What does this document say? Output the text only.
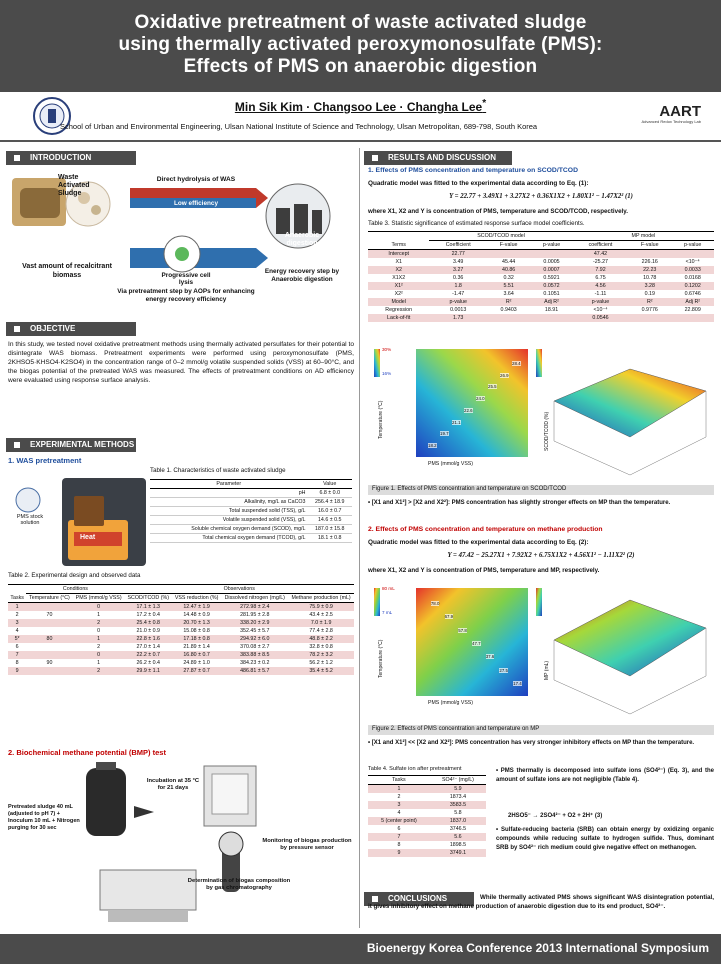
Oxidative pretreatment of waste activated sludge
using thermally activated peroxymonosulfate (PMS):
Effects of PMS on anaerobic digestion
Min Sik Kim · Changsoo Lee · Changha Lee*
School of Urban and Environmental Engineering, Ulsan National Institute of Science and Technology, Ulsan Metropolitan, 689-798, South Korea
AART
Advanced Redox Technology Lab
INTRODUCTION
Waste Activated Sludge
Vast amount of recalcitrant biomass
Direct hydrolysis of WAS
Low efficiency
Progressive cell lysis
Via pretreatment step by AOPs for enhancing energy recovery efficiency
Anaerobic digestion
Energy recovery step by Anaerobic digestion
OBJECTIVE
In this study, we tested novel oxidative pretreatment methods using thermally activated persulfates for their potential to disintegrate WAS biomass. Pretreatment experiments were performed using peroxymonosulfate (PMS, 2KHSO5·KHSO4·K2SO4) in the concentration range of 0–2 mmol/g volatile suspended solids (VSS) at 60–90°C, and the biogas potential of the pretreated WAS was measured. The effects of pretreatment conditions on AD efficiency were evaluated using response surface analysis.
EXPERIMENTAL METHODS
1. WAS pretreatment
PMS stock solution
Heat
Table 1. Characteristics of waste activated sludge
Parameter	Value
pH	6.8 ± 0.0
Alkalinity, mg/L as CaCO3	256.4 ± 18.9
Total suspended solid (TSS), g/L	16.0 ± 0.7
Volatile suspended solid (VSS), g/L	14.6 ± 0.5
Soluble chemical oxygen demand (SCOD), mg/L	187.0 ± 15.8
Total chemical oxygen demand (TCOD), g/L	18.1 ± 0.8
Table 2. Experimental design and observed data
	Conditions		Observations			
Tasks	Temperature (°C)	PMS (mmol/g VSS)	SCOD/TCOD (%)	VSS reduction (%)	Dissolved nitrogen (mg/L)	Methane production (mL)
1		0	17.1 ± 1.3	12.47 ± 1.9	272.98 ± 2.4	75.9 ± 0.9
2	70	1	17.2 ± 0.4	14.48 ± 0.9	281.95 ± 2.8	43.4 ± 2.5
3		2	25.4 ± 0.8	20.70 ± 1.3	338.20 ± 2.9	7.0 ± 1.9
4		0	21.0 ± 0.9	15.08 ± 0.8	352.45 ± 5.7	77.4 ± 2.8
5*	80	1	22.8 ± 1.6	17.18 ± 0.8	294.92 ± 6.0	48.8 ± 2.2
6		2	27.0 ± 1.4	21.89 ± 1.4	370.08 ± 2.7	32.8 ± 0.8
7		0	22.2 ± 0.7	16.80 ± 0.7	383.88 ± 8.5	78.2 ± 3.2
8	90	1	26.2 ± 0.4	24.89 ± 1.0	384.23 ± 0.2	56.2 ± 1.2
9		2	29.9 ± 1.1	27.87 ± 0.7	486.81 ± 5.7	35.4 ± 5.2
2. Biochemical methane potential (BMP) test
Pretreated sludge 40 mL (adjusted to pH 7) + Inoculum 10 mL + Nitrogen purging for 30 sec
Incubation at 35 °C for 21 days
Monitoring of biogas production by pressure sensor
Determination of biogas composition by gas chromatography
RESULTS AND DISCUSSION
1. Effects of PMS concentration and temperature on SCOD/TCOD
Quadratic model was fitted to the experimental data according to Eq. (1):
Y = 22.77 + 3.49X1 + 3.27X2 + 0.36X1X2 + 1.80X1² − 1.47X2² (1)
where X1, X2 and Y is concentration of PMS, temperature and SCOD/TCOD, respectively.
Table 3. Statistic significance of estimated response surface model coefficients.
	SCOD/TCOD model			MP model		
Terms	Coefficient	F-value	p-value	coefficient	F-value	p-value
Intercept	22.77			47.42		
X1	3.49	45.44	0.0005	-25.27	226.16	<10⁻⁴
X2	3.27	40.86	0.0007	7.92	22.23	0.0033
X1X2	0.36	0.32	0.5921	6.75	10.78	0.0168
X1²	1.8	5.51	0.0572	4.56	3.28	0.1202
X2²	-1.47	3.64	0.1051	-1.11	0.19	0.6746
Model	p-value	R²	Adj R²	p-value	R²	Adj R²
Regression	0.0013	0.9403	18.91	<10⁻⁴	0.9776	22.809
Lack-of-fit	1.73			0.0546		
30%
16%
Temperature (°C)
PMS (mmol/g VSS)
SCOD/TCOD (%)
28.4
26.9
25.5
24.0
22.6
21.1
19.7
18.2
Figure 1. Effects of PMS concentration and temperature on SCOD/TCOD
• [X1 and X1²] > [X2 and X2²]: PMS concentration has slightly stronger effects on MP than the temperature.
2. Effects of PMS concentration and temperature on methane production
Quadratic model was fitted to the experimental data according to Eq. (2):
Y = 47.42 − 25.27X1 + 7.92X2 + 6.75X1X2 + 4.56X1² − 1.11X2² (2)
where X1, X2 and Y is concentration of PMS, temperature and MP, respectively.
80 mL
7 mL
Temperature (°C)
PMS (mmol/g VSS)
MP (mL)
78.0
67.9
57.8
47.7
37.6
27.5
17.4
Figure 2. Effects of PMS concentration and temperature on MP
• [X1 and X1²] << [X2 and X2²]: PMS concentration has very stronger inhibitory effects on MP than the temperature.
Table 4. Sulfate ion after pretreatment
Tasks	SO4²⁻ (mg/L)
1	5.9
2	1873.4
3	3583.5
4	5.8
5 (center point)	1837.0
6	3746.5
7	5.6
8	1898.5
9	3749.1
• PMS thermally is decomposed into sulfate ions (SO4²⁻) (Eq. 3), and the amount of sulfate ions are not negligible (Table 4).
2HSO5⁻ → 2SO4²⁻ + O2 + 2H⁺ (3)
• Sulfate-reducing bacteria (SRB) can obtain energy by oxidizing organic compounds while reducing sulfate to hydrogen sulfide. Thus, dominant SRB by SO4²⁻ rich medium could give negative effect on methanogen.
CONCLUSIONS	While thermally activated PMS shows significant WAS disintegration potential, it gives inhibitory effect on methane production of anaerobic digestion due to its end product, SO4²⁻.
Bioenergy Korea Conference 2013 International Symposium
